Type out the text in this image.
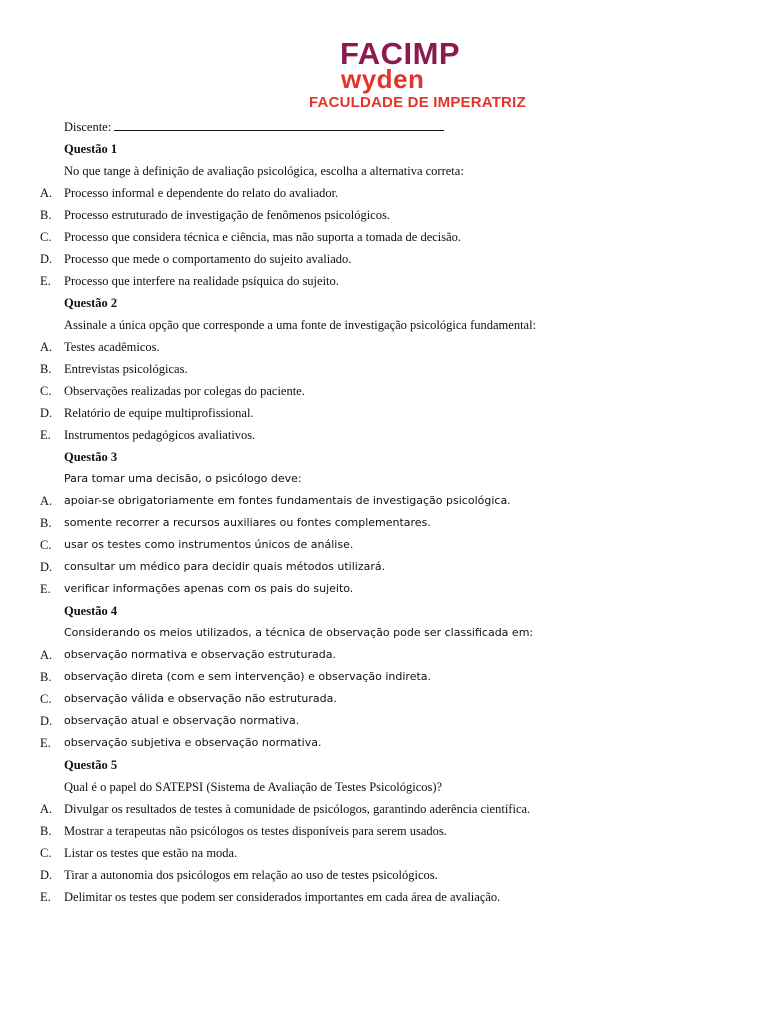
FACIMP
wyden
FACULDADE DE IMPERATRIZ
Discente:
Questão 1
No que tange à definição de avaliação psicológica, escolha a alternativa correta:
A. Processo informal e dependente do relato do avaliador.
B.	Processo estruturado de investigação de fenômenos psicológicos.
C.	Processo que considera técnica e ciência, mas não suporta a tomada de decisão.
D. Processo que mede o comportamento do sujeito avaliado.
E.	Processo que interfere na realidade psíquica do sujeito.
Questão 2
Assinale a única opção que corresponde a uma fonte de investigação psicológica fundamental:
A. Testes acadêmicos.
B.	Entrevistas psicológicas.
C.	Observações realizadas por colegas do paciente.
D. Relatório de equipe multiprofissional.
E.	Instrumentos pedagógicos avaliativos.
Questão 3
Para tomar uma decisão, o psicólogo deve:
A.	apoiar-se obrigatoriamente em fontes fundamentais de investigação psicológica.
B.	somente recorrer a recursos auxiliares ou fontes complementares.
C.	usar os testes como instrumentos únicos de análise.
D.	consultar um médico para decidir quais métodos utilizará.
E.	verificar informações apenas com os pais do sujeito.
Questão 4
Considerando os meios utilizados, a técnica de observação pode ser classificada em:
A.	observação normativa e observação estruturada.
B.	observação direta (com e sem intervenção) e observação indireta.
C.	observação válida e observação não estruturada.
D.	observação atual e observação normativa.
E.	observação subjetiva e observação normativa.
Questão 5
Qual é o papel do SATEPSI (Sistema de Avaliação de Testes Psicológicos)?
A. Divulgar os resultados de testes à comunidade de psicólogos, garantindo aderência científica.
B.	Mostrar a terapeutas não psicólogos os testes disponíveis para serem usados.
C.	Listar os testes que estão na moda.
D. Tirar a autonomia dos psicólogos em relação ao uso de testes psicológicos.
E.	Delimitar os testes que podem ser considerados importantes em cada área de avaliação.
